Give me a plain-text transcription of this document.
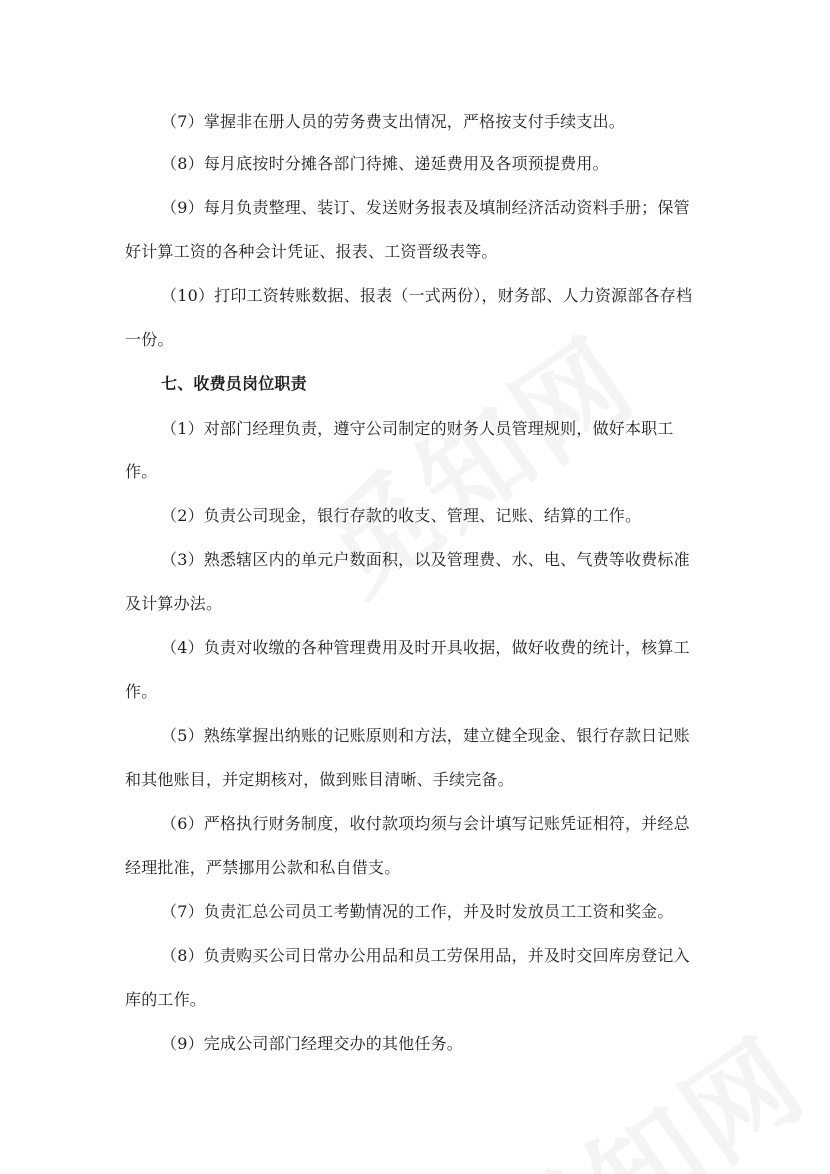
（7）掌握非在册人员的劳务费支出情况，严格按支付手续支出。
（8）每月底按时分摊各部门待摊、递延费用及各项预提费用。
（9）每月负责整理、装订、发送财务报表及填制经济活动资料手册；保管
好计算工资的各种会计凭证、报表、工资晋级表等。
（10）打印工资转账数据、报表（一式两份），财务部、人力资源部各存档
一份。
七、收费员岗位职责
（1）对部门经理负责，遵守公司制定的财务人员管理规则，做好本职工
作。
（2）负责公司现金，银行存款的收支、管理、记账、结算的工作。
（3）熟悉辖区内的单元户数面积，以及管理费、水、电、气费等收费标准
及计算办法。
（4）负责对收缴的各种管理费用及时开具收据，做好收费的统计，核算工
作。
（5）熟练掌握出纳账的记账原则和方法，建立健全现金、银行存款日记账
和其他账目，并定期核对，做到账目清晰、手续完备。
（6）严格执行财务制度，收付款项均须与会计填写记账凭证相符，并经总
经理批准，严禁挪用公款和私自借支。
（7）负责汇总公司员工考勤情况的工作，并及时发放员工工资和奖金。
（8）负责购买公司日常办公用品和员工劳保用品，并及时交回库房登记入
库的工作。
（9）完成公司部门经理交办的其他任务。
